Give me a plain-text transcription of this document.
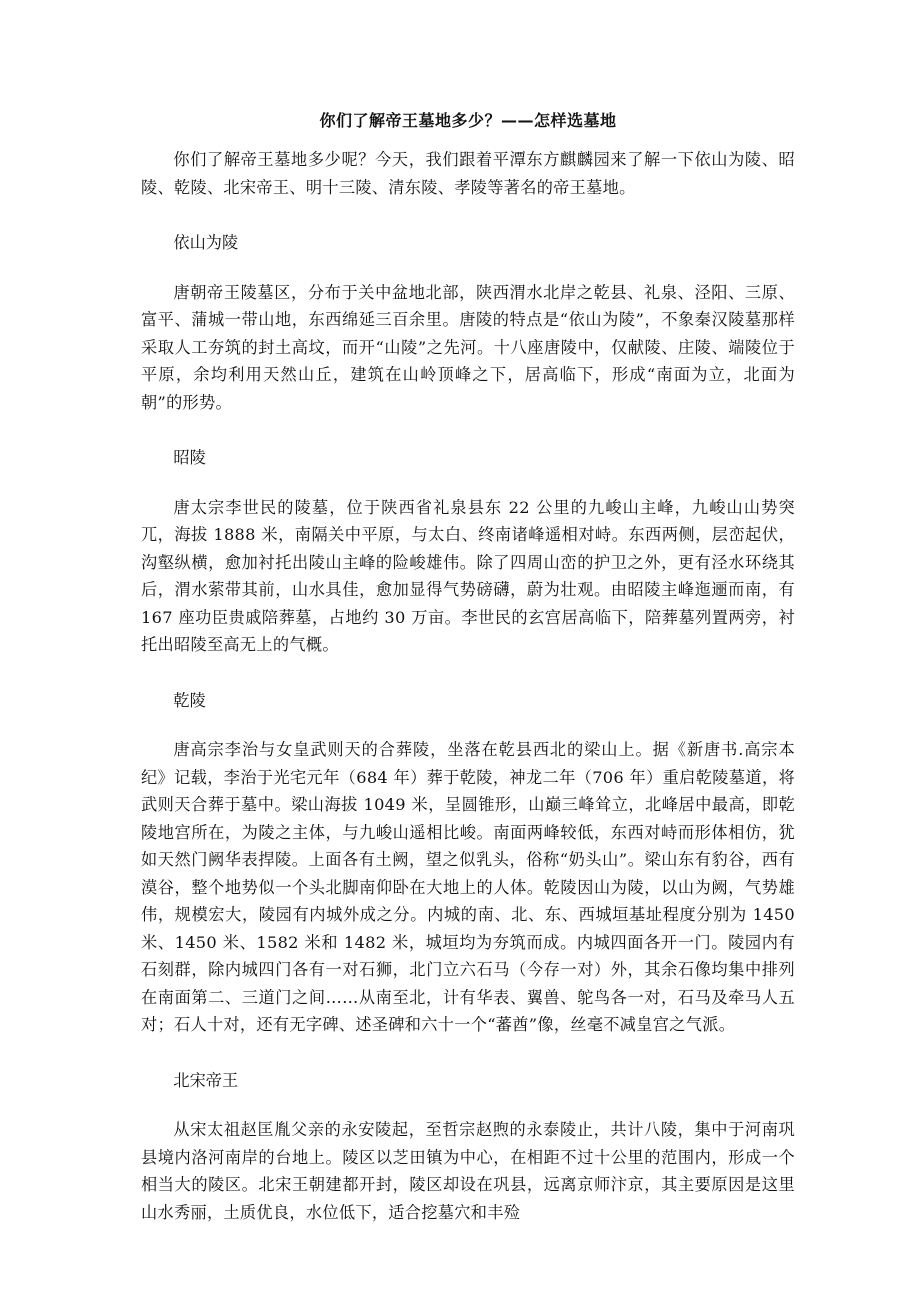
你们了解帝王墓地多少？——怎样选墓地

你们了解帝王墓地多少呢？今天，我们跟着平潭东方麒麟园来了解一下依山为陵、昭陵、乾陵、北宋帝王、明十三陵、清东陵、孝陵等著名的帝王墓地。

依山为陵

唐朝帝王陵墓区，分布于关中盆地北部，陕西渭水北岸之乾县、礼泉、泾阳、三原、富平、蒲城一带山地，东西绵延三百余里。唐陵的特点是“依山为陵”，不象秦汉陵墓那样采取人工夯筑的封土高坟，而开“山陵”之先河。十八座唐陵中，仅献陵、庄陵、端陵位于平原，余均利用天然山丘，建筑在山岭顶峰之下，居高临下，形成“南面为立，北面为朝”的形势。

昭陵

唐太宗李世民的陵墓，位于陕西省礼泉县东 22 公里的九峻山主峰，九峻山山势突兀，海拔 1888 米，南隔关中平原，与太白、终南诸峰遥相对峙。东西两侧，层峦起伏，沟壑纵横，愈加衬托出陵山主峰的险峻雄伟。除了四周山峦的护卫之外，更有泾水环绕其后，渭水萦带其前，山水具佳，愈加显得气势磅礴，蔚为壮观。由昭陵主峰迤逦而南，有 167 座功臣贵戚陪葬墓，占地约 30 万亩。李世民的玄宫居高临下，陪葬墓列置两旁，衬托出昭陵至高无上的气概。

乾陵

唐高宗李治与女皇武则天的合葬陵，坐落在乾县西北的梁山上。据《新唐书.高宗本纪》记载，李治于光宅元年（684 年）葬于乾陵，神龙二年（706 年）重启乾陵墓道，将武则天合葬于墓中。梁山海拔 1049 米，呈圆锥形，山巅三峰耸立，北峰居中最高，即乾陵地宫所在，为陵之主体，与九峻山遥相比峻。南面两峰较低，东西对峙而形体相仿，犹如天然门阙华表捍陵。上面各有土阙，望之似乳头，俗称“奶头山”。梁山东有豹谷，西有漠谷，整个地势似一个头北脚南仰卧在大地上的人体。乾陵因山为陵，以山为阙，气势雄伟，规模宏大，陵园有内城外成之分。内城的南、北、东、西城垣基址程度分别为 1450 米、1450 米、1582 米和 1482 米，城垣均为夯筑而成。内城四面各开一门。陵园内有石刻群，除内城四门各有一对石狮，北门立六石马（今存一对）外，其余石像均集中排列在南面第二、三道门之间……从南至北，计有华表、翼兽、鸵鸟各一对，石马及牵马人五对；石人十对，还有无字碑、述圣碑和六十一个“蕃酋”像，丝毫不减皇宫之气派。

北宋帝王

从宋太祖赵匡胤父亲的永安陵起，至哲宗赵煦的永泰陵止，共计八陵，集中于河南巩县境内洛河南岸的台地上。陵区以芝田镇为中心，在相距不过十公里的范围内，形成一个相当大的陵区。北宋王朝建都开封，陵区却设在巩县，远离京师汴京，其主要原因是这里山水秀丽，土质优良，水位低下，适合挖墓穴和丰殓
